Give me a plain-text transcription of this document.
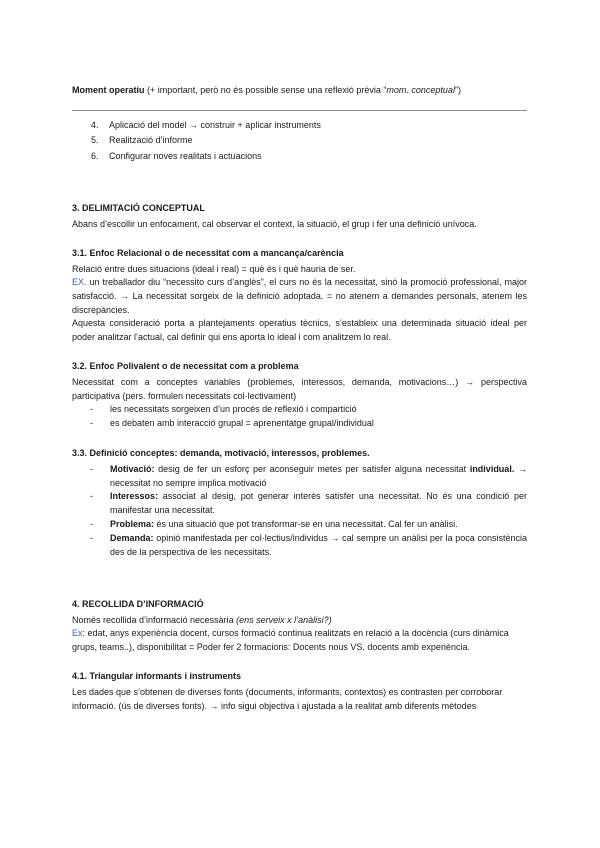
Moment operatiu (+ important, però no és possible sense una reflexió prèvia “mom. conceptual”)

4. Aplicació del model → construir + aplicar instruments
5. Realització d’informe
6. Configurar noves realitats i actuacions

3. DELIMITACIÓ CONCEPTUAL

Abans d’escollir un enfocament, cal observar el context, la situació, el grup i fer una definició unívoca.

3.1. Enfoc Relacional o de necessitat com a mancança/carència

Relació entre dues situacions (ideal i real) = què és i què hauria de ser.

EX. un treballador diu “necessito curs d’anglès”, el curs no és la necessitat, sinó la promoció professional, major satisfacció. → La necessitat sorgeix de la definició adoptada. = no atenem a demandes personals, atenem les discrepàncies.

Aquesta consideració porta a plantejaments operatius tècnics, s’estableix una determinada situació ideal per poder analitzar l’actual, cal definir qui ens aporta lo ideal i com analitzem lo real.

3.2. Enfoc Polivalent o de necessitat com a problema

Necessitat com a conceptes variables (problemes, interessos, demanda, motivacions…) → perspectiva participativa (pers. formulen necessitats col·lectivament)

- les necessitats sorgeixen d’un procés de reflexió i compartició
- es debaten amb interacció grupal = aprenentatge grupal/individual

3.3. Definició conceptes: demanda, motivació, interessos, problemes.

- Motivació: desig de fer un esforç per aconseguir metes per satisfer alguna necessitat individual. → necessitat no sempre implica motivació
- Interessos: associat al desig, pot generar interès satisfer una necessitat. No és una condició per manifestar una necessitat.
- Problema: és una situació que pot transformar-se en una necessitat. Cal fer un anàlisi.
- Demanda: opinió manifestada per col·lectius/individus → cal sempre un anàlisi per la poca consistència des de la perspectiva de les necessitats.

4. RECOLLIDA D’INFORMACIÓ

Només recollida d’informació necessària (ens serveix x l’anàlisi?)

Ex: edat, anys experiència docent, cursos formació continua realitzats en relació a la docència (curs dinàmica grups, teams..), disponibilitat = Poder fer 2 formacions: Docents nous VS. docents amb experiència.

4.1. Triangular informants i instruments

Les dades que s’obtenen de diverses fonts (documents, informants, contextos) es contrasten per corroborar informació. (ús de diverses fonts). → info sigui objectiva i ajustada a la realitat amb diferents mètodes
